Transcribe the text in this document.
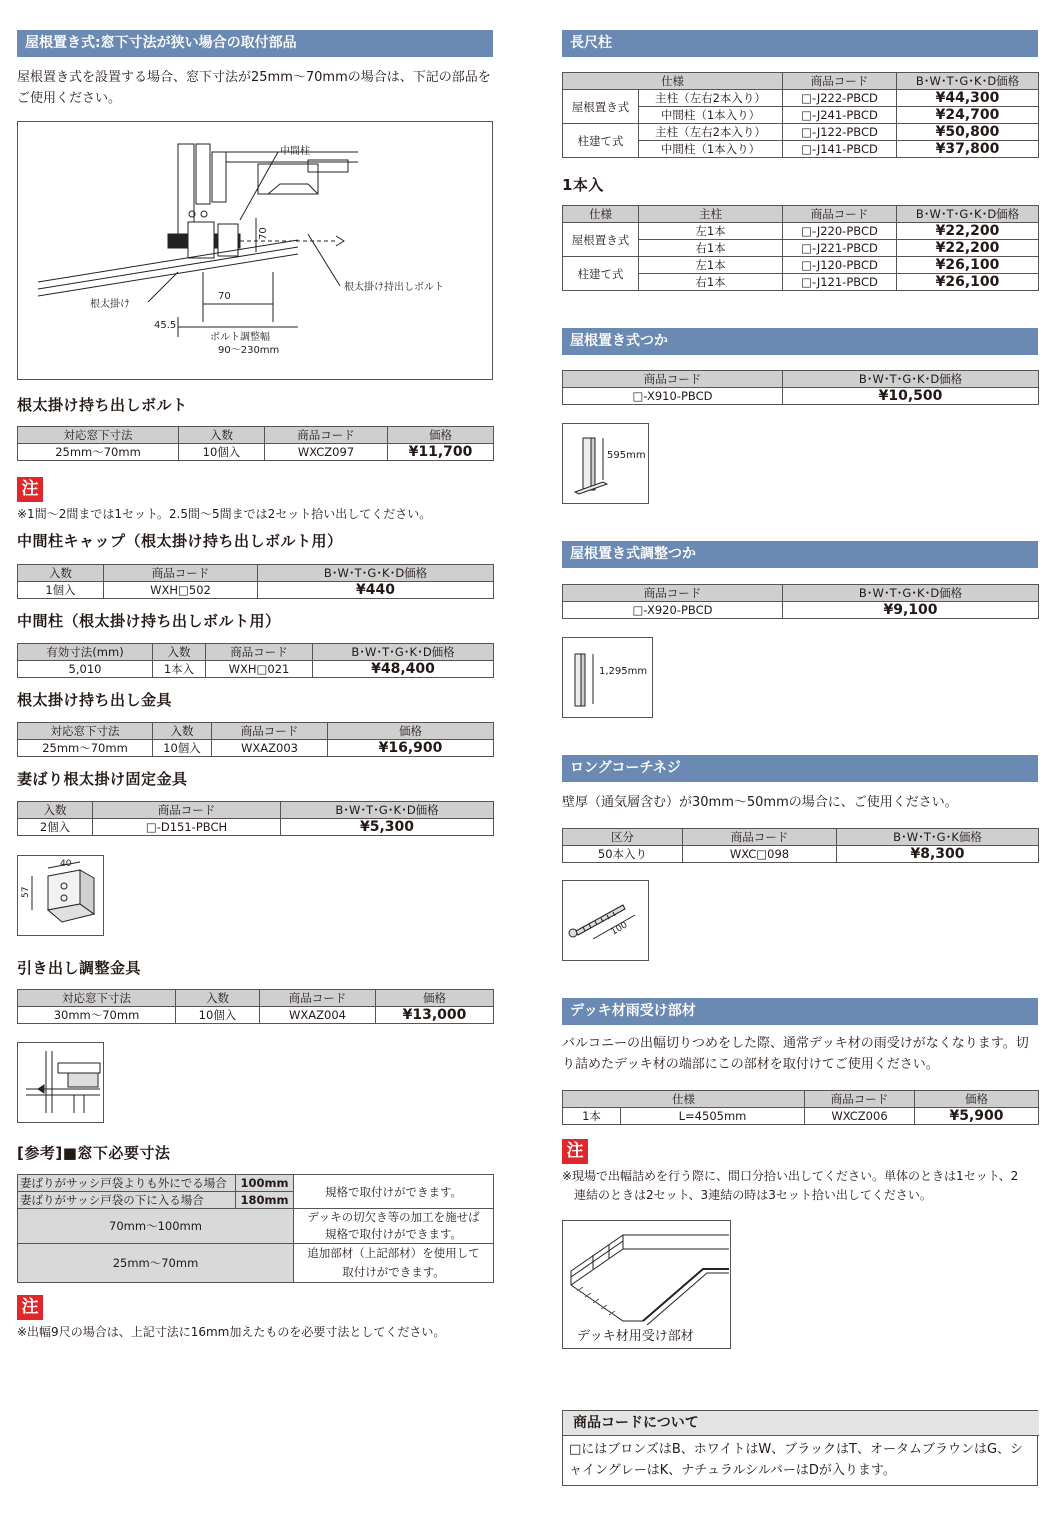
屋根置き式:窓下寸法が狭い場合の取付部品
屋根置き式を設置する場合、窓下寸法が25mm～70mmの場合は、下記の部品をご使用ください。
中間柱
根太掛け持出しボルト
根太掛け
70
70
45.5
ボルト調整幅
90～230mm
根太掛け持ち出しボルト
対応窓下寸法	入数	商品コード	価格
25mm～70mm	10個入	WXCZ097	¥11,700
注
※1間～2間までは1セット。2.5間～5間までは2セット拾い出してください。
中間柱キャップ（根太掛け持ち出しボルト用）
入数	商品コード	B･W･T･G･K･D価格
1個入	WXH□502	¥440
中間柱（根太掛け持ち出しボルト用）
有効寸法(mm)	入数	商品コード	B･W･T･G･K･D価格
5,010	1本入	WXH□021	¥48,400
根太掛け持ち出し金具
対応窓下寸法	入数	商品コード	価格
25mm～70mm	10個入	WXAZ003	¥16,900
妻ばり根太掛け固定金具
入数	商品コード	B･W･T･G･K･D価格
2個入	□-D151-PBCH	¥5,300
40
57
引き出し調整金具
対応窓下寸法	入数	商品コード	価格
30mm～70mm	10個入	WXAZ004	¥13,000
[参考]■窓下必要寸法
妻ばりがサッシ戸袋よりも外にでる場合	100mm	規格で取付けができます。
妻ばりがサッシ戸袋の下に入る場合	180mm	
70mm～100mm		デッキの切欠き等の加工を施せば
規格で取付けができます。
25mm～70mm		追加部材（上記部材）を使用して
取付けができます。
注
※出幅9尺の場合は、上記寸法に16mm加えたものを必要寸法としてください。
長尺柱
仕様		商品コード	B･W･T･G･K･D価格
屋根置き式	主柱（左右2本入り）	□-J222-PBCD	¥44,300
	中間柱（1本入り）	□-J241-PBCD	¥24,700
柱建て式	主柱（左右2本入り）	□-J122-PBCD	¥50,800
	中間柱（1本入り）	□-J141-PBCD	¥37,800
1本入
仕様	主柱	商品コード	B･W･T･G･K･D価格
屋根置き式	左1本	□-J220-PBCD	¥22,200
	右1本	□-J221-PBCD	¥22,200
柱建て式	左1本	□-J120-PBCD	¥26,100
	右1本	□-J121-PBCD	¥26,100
屋根置き式つか
商品コード	B･W･T･G･K･D価格
□-X910-PBCD	¥10,500
595mm
屋根置き式調整つか
商品コード	B･W･T･G･K･D価格
□-X920-PBCD	¥9,100
1,295mm
ロングコーチネジ
壁厚（通気層含む）が30mm～50mmの場合に、ご使用ください。
区分	商品コード	B･W･T･G･K価格
50本入り	WXC□098	¥8,300
100
デッキ材雨受け部材
バルコニーの出幅切りつめをした際、通常デッキ材の雨受けがなくなります。切り詰めたデッキ材の端部にこの部材を取付けてご使用ください。
仕様		商品コード	価格
1本	L=4505mm	WXCZ006	¥5,900
注
※現場で出幅詰めを行う際に、間口分拾い出してください。単体のときは1セット、2
連結のときは2セット、3連結の時は3セット拾い出してください。
デッキ材用受け部材
商品コードについて
□にはブロンズはB、ホワイトはW、ブラックはT、オータムブラウンはG、シャイングレーはK、ナチュラルシルバーはDが入ります。
